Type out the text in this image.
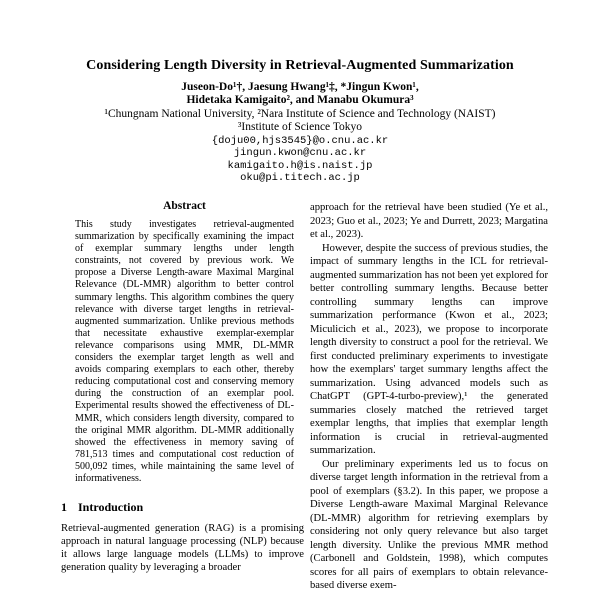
Considering Length Diversity in Retrieval-Augmented Summarization
Juseon-Do¹†, Jaesung Hwang¹‡, *Jingun Kwon¹,
Hidetaka Kamigaito², and Manabu Okumura³
¹Chungnam National University, ²Nara Institute of Science and Technology (NAIST)
³Institute of Science Tokyo
{doju00,hjs3545}@o.cnu.ac.kr
jingun.kwon@cnu.ac.kr
kamigaito.h@is.naist.jp
oku@pi.titech.ac.jp
Abstract
This study investigates retrieval-augmented summarization by specifically examining the impact of exemplar summary lengths under length constraints, not covered by previous work. We propose a Diverse Length-aware Maximal Marginal Relevance (DL-MMR) algorithm to better control summary lengths. This algorithm combines the query relevance with diverse target lengths in retrieval-augmented summarization. Unlike previous methods that necessitate exhaustive exemplar-exemplar relevance comparisons using MMR, DL-MMR considers the exemplar target length as well and avoids comparing exemplars to each other, thereby reducing computational cost and conserving memory during the construction of an exemplar pool. Experimental results showed the effectiveness of DL-MMR, which considers length diversity, compared to the original MMR algorithm. DL-MMR additionally showed the effectiveness in memory saving of 781,513 times and computational cost reduction of 500,092 times, while maintaining the same level of informativeness.
1 Introduction
Retrieval-augmented generation (RAG) is a promising approach in natural language processing (NLP) because it allows large language models (LLMs) to improve generation quality by leveraging a broader

approach for the retrieval have been studied (Ye et al., 2023; Guo et al., 2023; Ye and Durrett, 2023; Margatina et al., 2023).

However, despite the success of previous studies, the impact of summary lengths in the ICL for retrieval-augmented summarization has not been yet explored for better controlling summary lengths. Because better controlling summary lengths can improve summarization performance (Kwon et al., 2023; Miculicich et al., 2023), we propose to incorporate length diversity to construct a pool for the retrieval. We first conducted preliminary experiments to investigate how the exemplars' target summary lengths affect the summarization. Using advanced models such as ChatGPT (GPT-4-turbo-preview),¹ the generated summaries closely matched the retrieved target exemplar lengths, that implies that exemplar length information is crucial in retrieval-augmented summarization.

Our preliminary experiments led us to focus on diverse target length information in the retrieval from a pool of exemplars (§3.2). In this paper, we propose a Diverse Length-aware Maximal Marginal Relevance (DL-MMR) algorithm for retrieving exemplars by considering not only query relevance but also target length diversity. Unlike the previous MMR method (Carbonell and Goldstein, 1998), which computes scores for all pairs of exemplars to obtain relevance-based diverse exem-
